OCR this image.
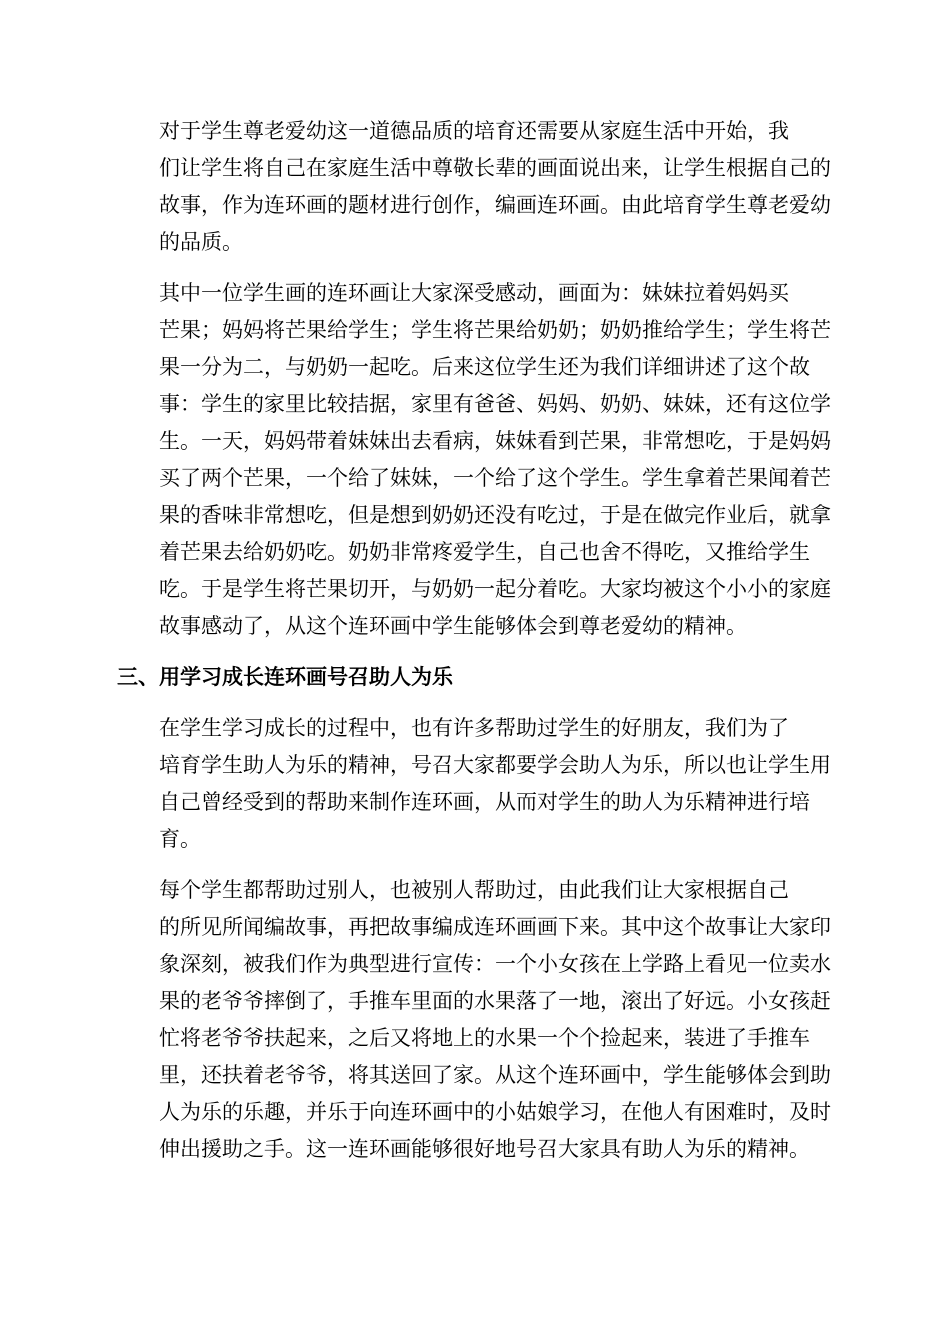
对于学生尊老爱幼这一道德品质的培育还需要从家庭生活中开始，我
们让学生将自己在家庭生活中尊敬长辈的画面说出来，让学生根据自己的
故事，作为连环画的题材进行创作，编画连环画。由此培育学生尊老爱幼
的品质。

其中一位学生画的连环画让大家深受感动，画面为：妹妹拉着妈妈买
芒果；妈妈将芒果给学生；学生将芒果给奶奶；奶奶推给学生；学生将芒
果一分为二，与奶奶一起吃。后来这位学生还为我们详细讲述了这个故
事：学生的家里比较拮据，家里有爸爸、妈妈、奶奶、妹妹，还有这位学
生。一天，妈妈带着妹妹出去看病，妹妹看到芒果，非常想吃，于是妈妈
买了两个芒果，一个给了妹妹，一个给了这个学生。学生拿着芒果闻着芒
果的香味非常想吃，但是想到奶奶还没有吃过，于是在做完作业后，就拿
着芒果去给奶奶吃。奶奶非常疼爱学生，自己也舍不得吃，又推给学生
吃。于是学生将芒果切开，与奶奶一起分着吃。大家均被这个小小的家庭
故事感动了，从这个连环画中学生能够体会到尊老爱幼的精神。

三、用学习成长连环画号召助人为乐

在学生学习成长的过程中，也有许多帮助过学生的好朋友，我们为了
培育学生助人为乐的精神，号召大家都要学会助人为乐，所以也让学生用
自己曾经受到的帮助来制作连环画，从而对学生的助人为乐精神进行培
育。

每个学生都帮助过别人，也被别人帮助过，由此我们让大家根据自己
的所见所闻编故事，再把故事编成连环画画下来。其中这个故事让大家印
象深刻，被我们作为典型进行宣传：一个小女孩在上学路上看见一位卖水
果的老爷爷摔倒了，手推车里面的水果落了一地，滚出了好远。小女孩赶
忙将老爷爷扶起来，之后又将地上的水果一个个捡起来，装进了手推车
里，还扶着老爷爷，将其送回了家。从这个连环画中，学生能够体会到助
人为乐的乐趣，并乐于向连环画中的小姑娘学习，在他人有困难时，及时
伸出援助之手。这一连环画能够很好地号召大家具有助人为乐的精神。
